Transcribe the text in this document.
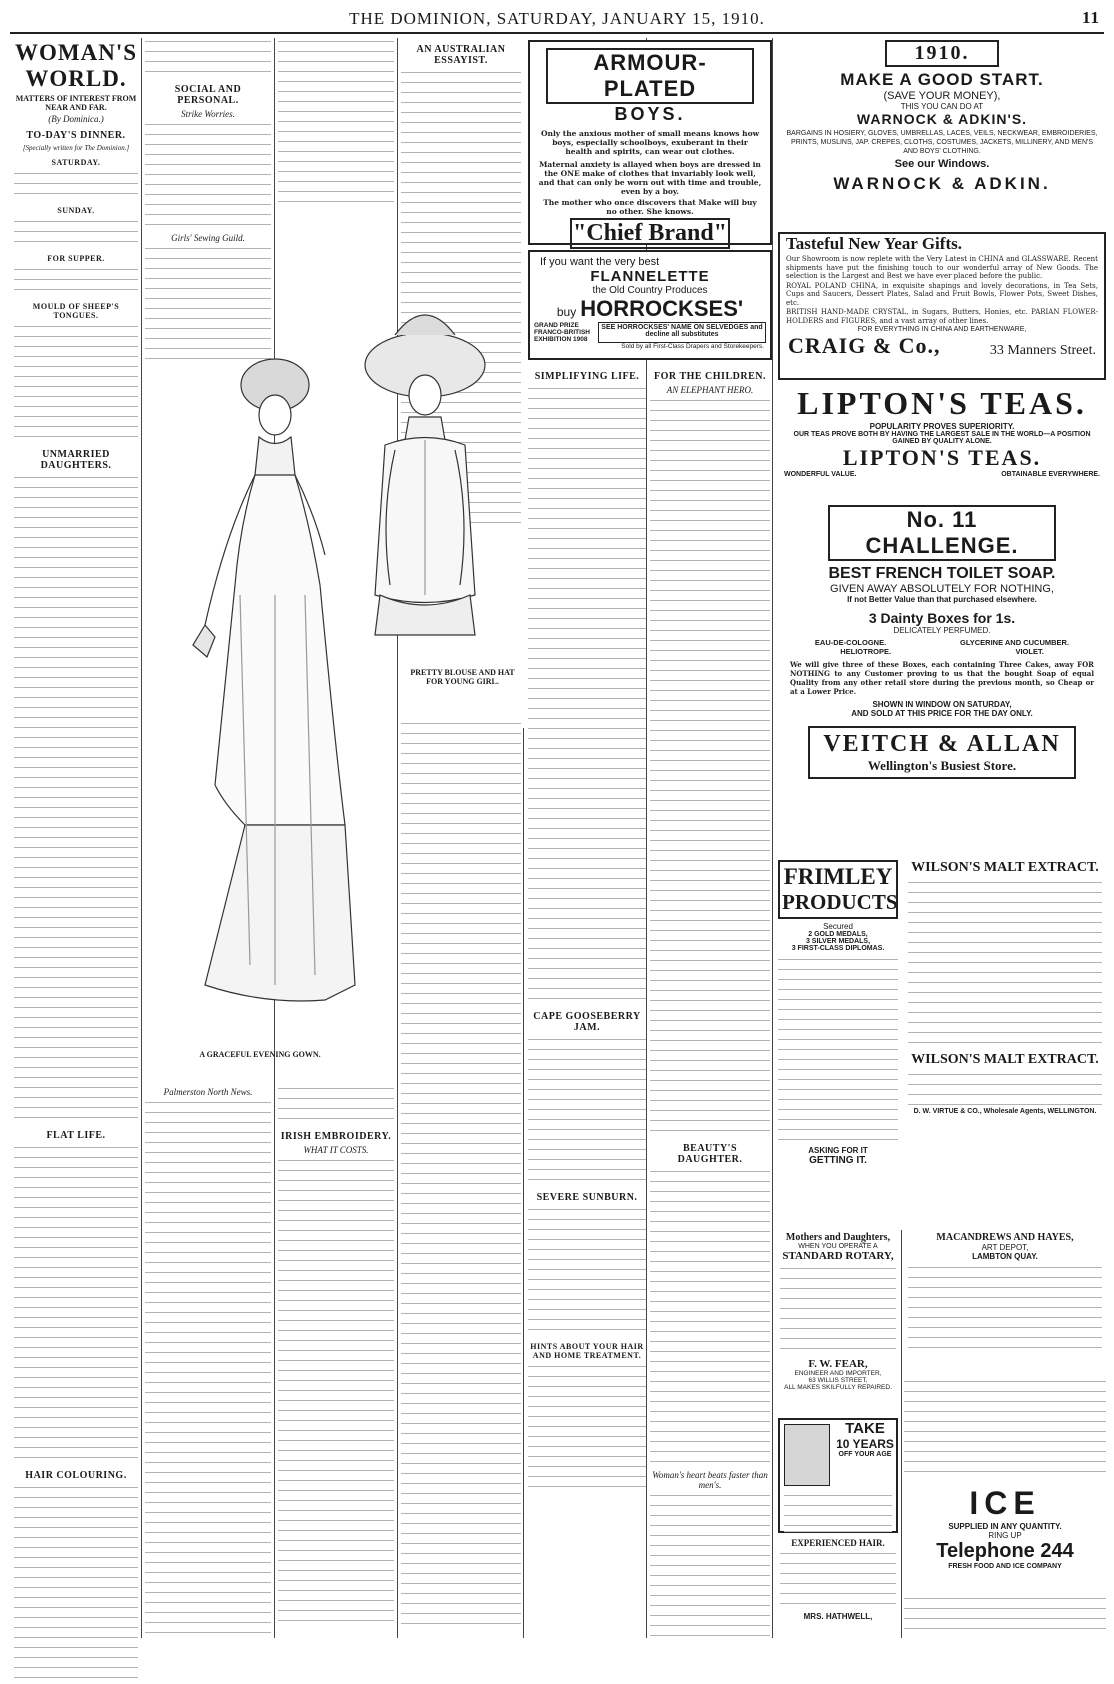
THE DOMINION, SATURDAY, JANUARY 15, 1910.	11
WOMAN'S WORLD.
MATTERS OF INTEREST FROM NEAR AND FAR.
(By Dominica.)
TO-DAY'S DINNER.
[Specially written for The Dominion.]
SATURDAY.
SUNDAY.
FOR SUPPER.
MOULD OF SHEEP'S TONGUES.
UNMARRIED DAUGHTERS.
FLAT LIFE.
HAIR COLOURING.
SOCIAL AND PERSONAL.
Strike Worries.
Girls' Sewing Guild.
Palmerston North News.
AN AUSTRALIAN ESSAYIST.
A GRACEFUL EVENING GOWN.
PRETTY BLOUSE AND HAT FOR YOUNG GIRL.
IRISH EMBROIDERY.
WHAT IT COSTS.
ARMOUR-PLATED
BOYS.
Only the anxious mother of small means knows how boys, especially schoolboys, exuberant in their health and spirits, can wear out clothes.
Maternal anxiety is allayed when boys are dressed in the ONE make of clothes that invariably look well, and that can only be worn out with time and trouble, even by a boy.
The mother who once discovers that Make will buy no other. She knows.
"Chief Brand"
If you want the very best
FLANNELETTE
the Old Country Produces
buy HORROCKSES'
GRAND PRIZE FRANCO-BRITISH EXHIBITION 1908
SEE HORROCKSES' NAME ON SELVEDGES and decline all substitutes
Sold by all First-Class Drapers and Storekeepers.
SIMPLIFYING LIFE.
CAPE GOOSEBERRY JAM.
SEVERE SUNBURN.
HINTS ABOUT YOUR HAIR AND HOME TREATMENT.
FOR THE CHILDREN.
AN ELEPHANT HERO.
BEAUTY'S DAUGHTER.
Woman's heart beats faster than men's.
1910.
MAKE A GOOD START.
(SAVE YOUR MONEY),
THIS YOU CAN DO AT
WARNOCK & ADKIN'S.
BARGAINS IN HOSIERY, GLOVES, UMBRELLAS, LACES, VEILS, NECKWEAR, EMBROIDERIES, PRINTS, MUSLINS, JAP. CREPES, CLOTHS, COSTUMES, JACKETS, MILLINERY, AND MEN'S AND BOYS' CLOTHING.
See our Windows.
WARNOCK & ADKIN.
Tasteful New Year Gifts.
Our Showroom is now replete with the Very Latest in CHINA and GLASSWARE. Recent shipments have put the finishing touch to our wonderful array of New Goods. The selection is the Largest and Best we have ever placed before the public.
ROYAL POLAND CHINA, in exquisite shapings and lovely decorations, in Tea Sets, Cups and Saucers, Dessert Plates, Salad and Fruit Bowls, Flower Pots, Sweet Dishes, etc.
BRITISH HAND-MADE CRYSTAL, in Sugars, Butters, Honies, etc. PARIAN FLOWER-HOLDERS and FIGURES, and a vast array of other lines.
FOR EVERYTHING IN CHINA AND EARTHENWARE,
CRAIG & Co.,	33 Manners Street.
LIPTON'S TEAS.
POPULARITY PROVES SUPERIORITY.
OUR TEAS PROVE BOTH BY HAVING THE LARGEST SALE IN THE WORLD—A POSITION GAINED BY QUALITY ALONE.
LIPTON'S TEAS.
WONDERFUL VALUE.	OBTAINABLE EVERYWHERE.
No. 11 CHALLENGE.
BEST FRENCH TOILET SOAP.
GIVEN AWAY ABSOLUTELY FOR NOTHING,
If not Better Value than that purchased elsewhere.
3 Dainty Boxes for 1s.
DELICATELY PERFUMED.
EAU-DE-COLOGNE.	GLYCERINE AND CUCUMBER.
HELIOTROPE.	VIOLET.
We will give three of these Boxes, each containing Three Cakes, away FOR NOTHING to any Customer proving to us that the bought Soap of equal Quality from any other retail store during the previous month, so Cheap or at a Lower Price.
SHOWN IN WINDOW ON SATURDAY,
AND SOLD AT THIS PRICE FOR THE DAY ONLY.
VEITCH & ALLAN
Wellington's Busiest Store.
FRIMLEY
PRODUCTS
Secured
2 GOLD MEDALS,
3 SILVER MEDALS,
3 FIRST-CLASS DIPLOMAS.
ASKING FOR IT
GETTING IT.
WILSON'S MALT EXTRACT.
WILSON'S MALT EXTRACT.
D. W. VIRTUE & CO., Wholesale Agents, WELLINGTON.
Mothers and Daughters,
WHEN YOU OPERATE A
STANDARD ROTARY,
F. W. FEAR,
ENGINEER AND IMPORTER,
63 WILLIS STREET,
ALL MAKES SKILFULLY REPAIRED.
MACANDREWS AND HAYES,
ART DEPOT,
LAMBTON QUAY.
TAKE
10 YEARS
OFF YOUR AGE
EXPERIENCED HAIR.
MRS. HATHWELL,
ICE
SUPPLIED IN ANY QUANTITY.
RING UP
Telephone 244
FRESH FOOD AND ICE COMPANY
